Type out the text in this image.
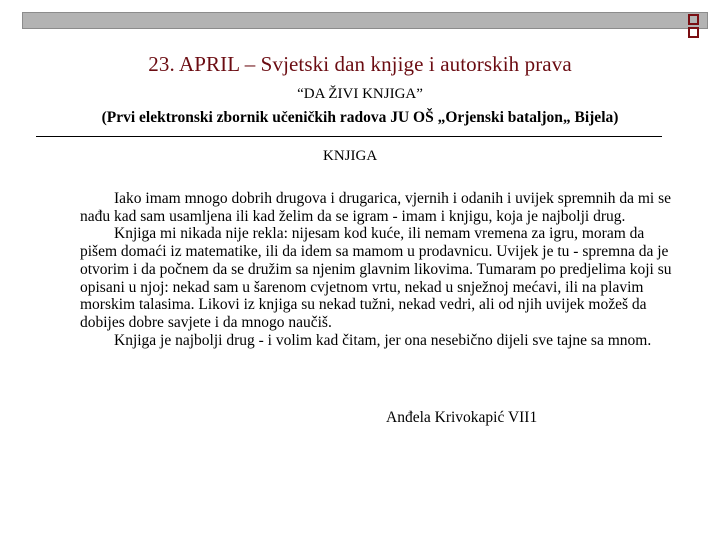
23. APRIL – Svjetski dan knjige i autorskih prava
“DA ŽIVI KNJIGA”
(Prvi elektronski zbornik učeničkih radova JU OŠ „Orjenski bataljon„ Bijela)
KNJIGA

Iako imam mnogo dobrih drugova i drugarica, vjernih i odanih i uvijek spremnih da mi se nađu kad sam usamljena ili kad želim da se igram - imam i knjigu, koja je najbolji drug.

Knjiga mi nikada nije rekla: nijesam kod kuće, ili nemam vremena za igru, moram da pišem domaći iz matematike, ili da idem sa mamom u prodavnicu. Uvijek je tu - spremna da je otvorim i da počnem da se družim sa njenim glavnim likovima. Tumaram po predjelima koji su opisani u njoj: nekad sam u šarenom cvjetnom vrtu, nekad u snježnoj mećavi, ili na plavim morskim talasima. Likovi iz knjiga su nekad tužni, nekad vedri, ali od njih uvijek možeš da dobijes dobre savjete i da mnogo naučiš.

Knjiga je najbolji drug - i volim kad čitam, jer ona nesebično dijeli sve tajne sa mnom.

Anđela Krivokapić VII1
